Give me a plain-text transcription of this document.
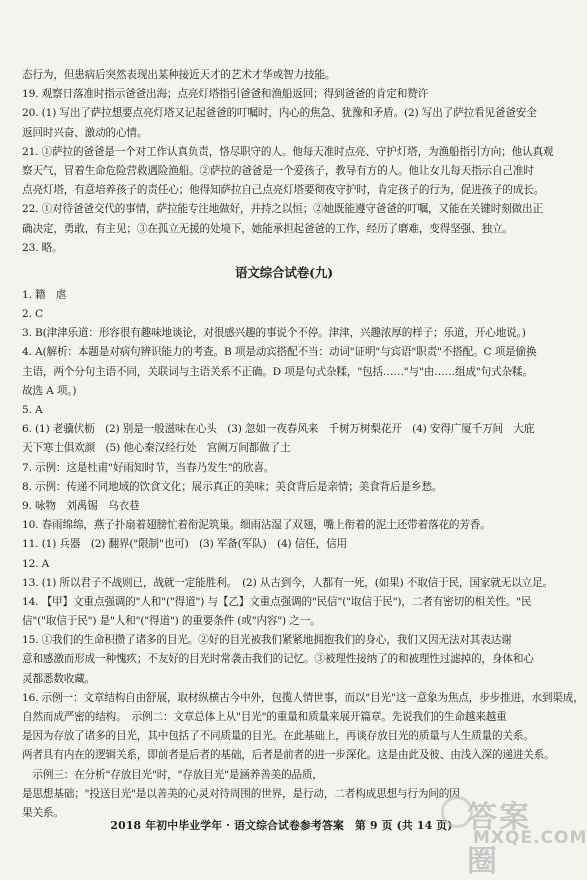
态行为，但患病后突然表现出某种接近天才的艺术才华或智力技能。
19. 观察日落准时指示爸爸出海；点亮灯塔指引爸爸和渔船返回；得到爸爸的肯定和赞许
20. (1) 写出了萨拉想要点亮灯塔又记起爸爸的叮嘱时，内心的焦急、犹豫和矛盾。(2) 写出了萨拉看见爸爸安全
返回时兴奋、激动的心情。
21. ①萨拉的爸爸是一个对工作认真负责，恪尽职守的人。他每天准时点亮、守护灯塔，为渔船指引方向；他认真观
察天气，冒着生命危险营救遇险渔船。②萨拉的爸爸是一个爱孩子，教导有方的人。他让女儿每天指示自己准时
点亮灯塔，有意培养孩子的责任心；他得知萨拉自己点亮灯塔要彻夜守护时，肯定孩子的行为，促进孩子的成长。
22. ①对待爸爸交代的事情，萨拉能专注地做好，并持之以恒；②她既能遵守爸爸的叮嘱，又能在关键时刻做出正
确决定，勇敢，有主见；③在孤立无援的处境下，她能承担起爸爸的工作，经历了磨难，变得坚强、独立。
23. 略。
语文综合试卷(九)
1. 籍　虐
2. C
3. B(津津乐道：形容很有趣味地谈论，对很感兴趣的事说个不停。津津，兴趣浓厚的样子；乐道，开心地说。)
4. A(解析：本题是对病句辨识能力的考查。B 项是动宾搭配不当：动词"证明"与宾语"职责"不搭配。C 项是偷换
主语，两个分句主语不同，关联词与主语关系不正确。D 项是句式杂糅，"包括……"与"由……组成"句式杂糅。
故选 A 项。)
5. A
6. (1) 老骥伏枥　(2) 别是一般滋味在心头　(3) 忽如一夜春风来　千树万树梨花开　(4) 安得广厦千万间　大庇
天下寒士俱欢颜　(5) 他心秦汉经行处　宫阙万间都做了土
7. 示例：这是杜甫"好雨知时节，当春乃发生"的欣喜。
8. 示例：传递不同地域的饮食文化；展示真正的美味；美食背后是亲情；美食背后是乡愁。
9. 咏物　刘禹锡　乌衣巷
10. 春雨绵绵，燕子扑扇着翅膀忙着衔泥筑巢。细雨沾湿了双翅，嘴上衔着的泥土还带着落花的芳香。
11. (1) 兵器　(2) 翻界("限制"也可)　(3) 军备(军队)　(4) 信任，信用
12. A
13. (1) 所以君子不战则已，战就一定能胜利。　(2) 从古到今，人都有一死，(如果) 不取信于民，国家就无以立足。
14. 【甲】文重点强调的"人和"("得道") 与【乙】文重点强调的"民信"("取信于民")，二者有密切的相关性。"民
信"("取信于民") 是"人和"("得道") 的重要条件 (或"内容") 之一。
15. ①我们的生命积攒了诸多的目光。②好的目光被我们紧紧地拥抱我们的身心，我们又因无法对其表达谢
意和感激而形成一种愧疚；不友好的目光时常袭击我们的记忆。③被理性接纳了的和被理性过滤掉的，身体和心
灵都悉数收藏。
16. 示例一：文章结构自由舒展，取材纵横古今中外，包揽人情世事，而以"目光"这一意象为焦点，步步推进，水到渠成，
自然而成严密的结构。　示例二：文章总体上从"目光"的重量和质量来展开篇章。先说我们的生命越来越重
是因为存放了诸多的目光，其中包括了不同质量的目光。在此基础上，再谈存放目光的质量与人生质量的关系。
两者具有内在的逻辑关系，即前者是后者的基础，后者是前者的进一步深化。这是由此及彼、由浅入深的递进关系。
　示例三：在分析"存放目光"时，"存放目光"是涵养善美的品质，
是思想基础；"投送目光"是以善美的心灵对待周围的世界，是行动，二者构成思想与行为间的因
果关系。
2018 年初中毕业学年 · 语文综合试卷参考答案　第 9 页 (共 14 页) 答案圈
MXQE.COM
